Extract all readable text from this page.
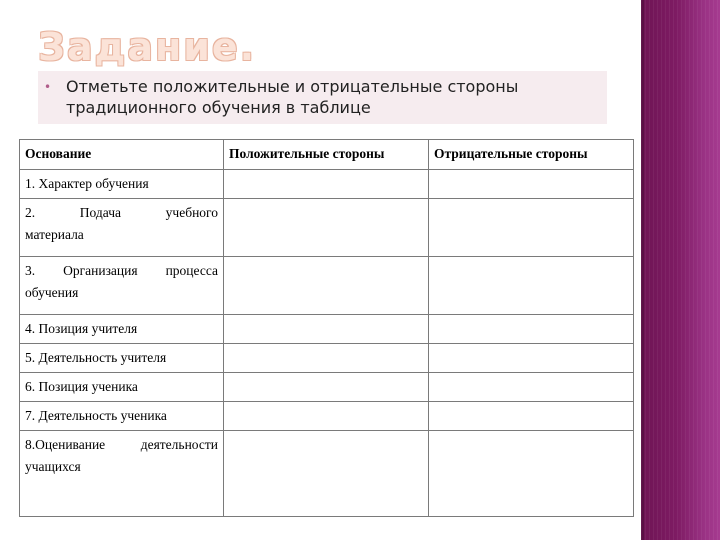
Задание.
• Отметьте положительные и отрицательные стороны
традиционного обучения в таблице
Основание	Положительные стороны	Отрицательные стороны
1. Характер обучения		

2. Подача учебного
материала		

3. Организация процесса
обучения		

4. Позиция учителя		
5. Деятельность учителя		
6. Позиция ученика		
7. Деятельность ученика		

8.Оценивание деятельности
учащихся		
